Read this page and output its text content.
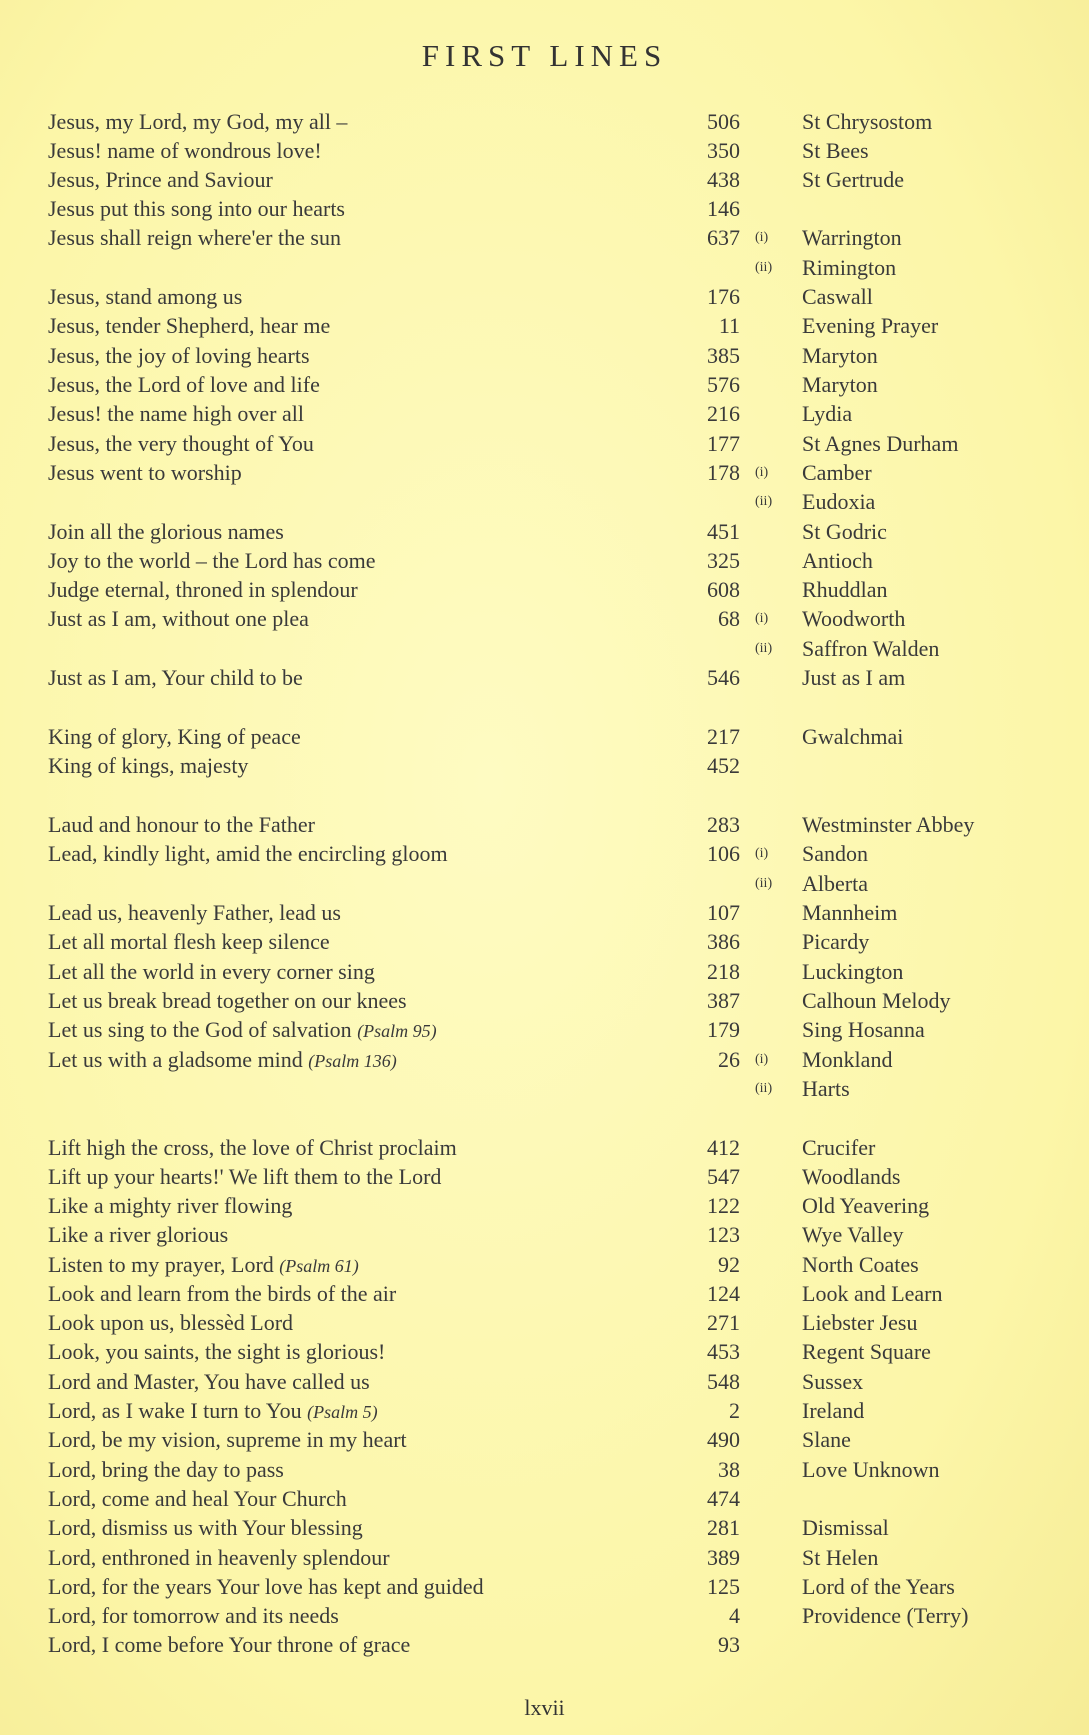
FIRST LINES
Jesus, my Lord, my God, my all –	506	St Chrysostom
Jesus! name of wondrous love!	350	St Bees
Jesus, Prince and Saviour	438	St Gertrude
Jesus put this song into our hearts	146
Jesus shall reign where'er the sun	637 (i) Warrington
(ii) Rimington
Jesus, stand among us	176	Caswall
Jesus, tender Shepherd, hear me	11	Evening Prayer
Jesus, the joy of loving hearts	385	Maryton
Jesus, the Lord of love and life	576	Maryton
Jesus! the name high over all	216	Lydia
Jesus, the very thought of You	177	St Agnes Durham
Jesus went to worship	178 (i) Camber
(ii) Eudoxia
Join all the glorious names	451	St Godric
Joy to the world – the Lord has come	325	Antioch
Judge eternal, throned in splendour	608	Rhuddlan
Just as I am, without one plea	68 (i) Woodworth
(ii) Saffron Walden
Just as I am, Your child to be	546	Just as I am
King of glory, King of peace	217	Gwalchmai
King of kings, majesty	452
Laud and honour to the Father	283	Westminster Abbey
Lead, kindly light, amid the encircling gloom	106 (i) Sandon
(ii) Alberta
Lead us, heavenly Father, lead us	107	Mannheim
Let all mortal flesh keep silence	386	Picardy
Let all the world in every corner sing	218	Luckington
Let us break bread together on our knees	387	Calhoun Melody
Let us sing to the God of salvation (Psalm 95)	179	Sing Hosanna
Let us with a gladsome mind (Psalm 136)	26 (i) Monkland
(ii) Harts
Lift high the cross, the love of Christ proclaim	412	Crucifer
Lift up your hearts!' We lift them to the Lord	547	Woodlands
Like a mighty river flowing	122	Old Yeavering
Like a river glorious	123	Wye Valley
Listen to my prayer, Lord (Psalm 61)	92	North Coates
Look and learn from the birds of the air	124	Look and Learn
Look upon us, blessèd Lord	271	Liebster Jesu
Look, you saints, the sight is glorious!	453	Regent Square
Lord and Master, You have called us	548	Sussex
Lord, as I wake I turn to You (Psalm 5)	2	Ireland
Lord, be my vision, supreme in my heart	490	Slane
Lord, bring the day to pass	38	Love Unknown
Lord, come and heal Your Church	474
Lord, dismiss us with Your blessing	281	Dismissal
Lord, enthroned in heavenly splendour	389	St Helen
Lord, for the years Your love has kept and guided	125	Lord of the Years
Lord, for tomorrow and its needs	4	Providence (Terry)
Lord, I come before Your throne of grace	93
lxvii
